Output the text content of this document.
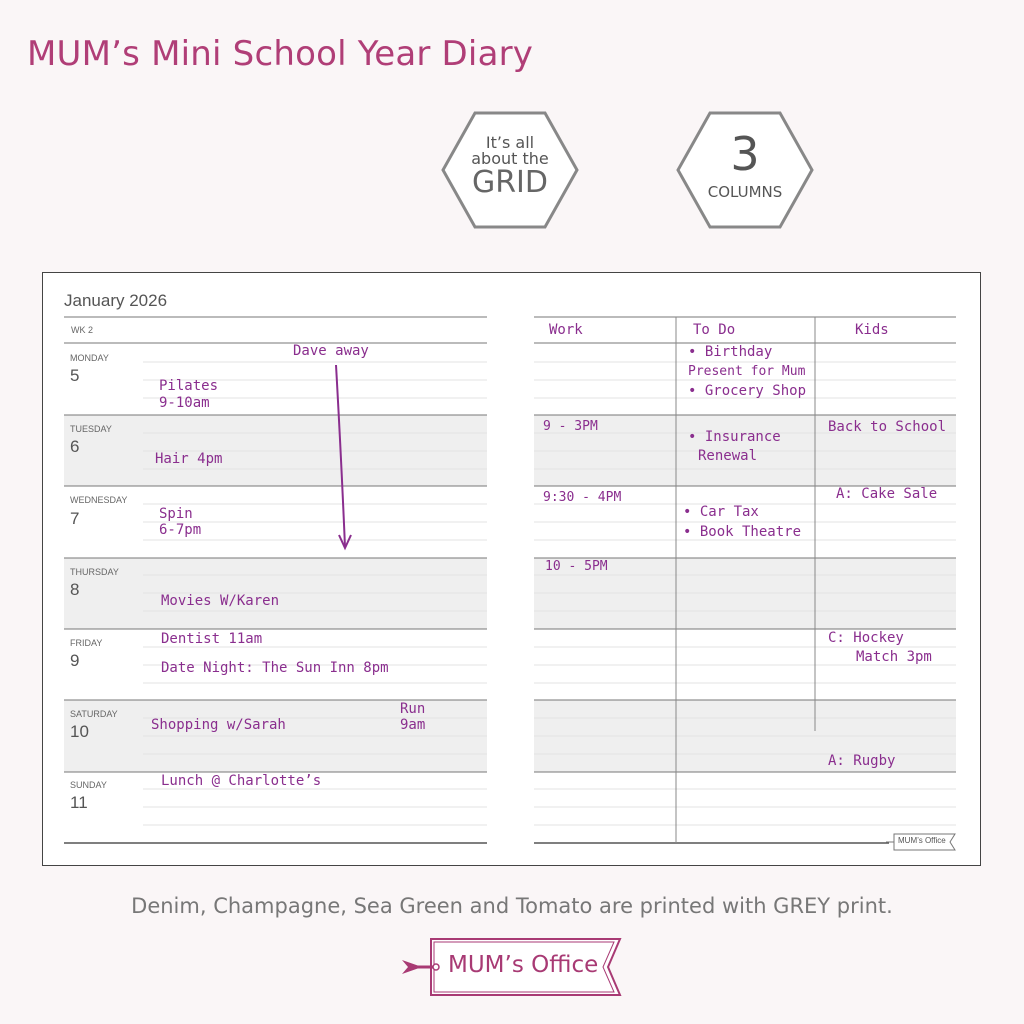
MUM’s Mini School Year Diary
It’s all
about the
GRID
3
COLUMNS
January 2026
WK 2
MONDAY
5
TUESDAY
6
WEDNESDAY
7
THURSDAY
8
FRIDAY
9
SATURDAY
10
SUNDAY
11
Work	To Do	Kids
Dave away
Pilates
9-10am
Hair 4pm
Spin
6-7pm
Movies W/Karen
Dentist 11am
Date Night: The Sun Inn 8pm
Shopping w/Sarah
Run
9am
Lunch @ Charlotte’s
• Birthday
Present for Mum
• Grocery Shop
9 - 3PM
• Insurance
Renewal
Back to School
9:30 - 4PM
• Car Tax
• Book Theatre
A: Cake Sale
10 - 5PM
C: Hockey
Match 3pm
A: Rugby
MUM’s Office
Denim, Champagne, Sea Green and Tomato are printed with GREY print.
MUM’s Office
